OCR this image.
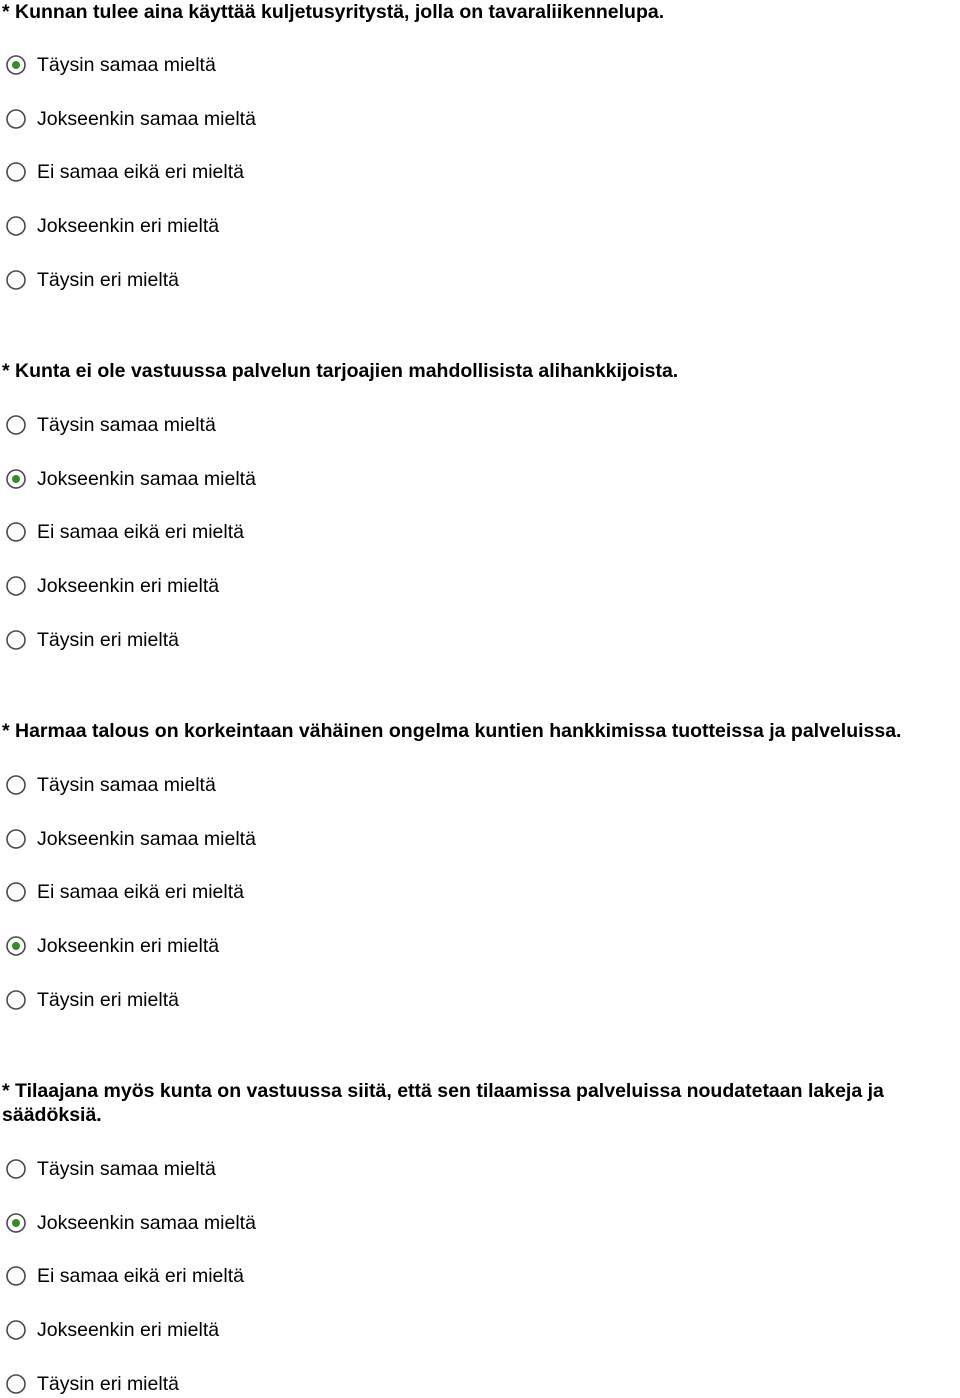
* Kunnan tulee aina käyttää kuljetusyritystä, jolla on tavaraliikennelupa.
Täysin samaa mieltä
Jokseenkin samaa mieltä
Ei samaa eikä eri mieltä
Jokseenkin eri mieltä
Täysin eri mieltä
* Kunta ei ole vastuussa palvelun tarjoajien mahdollisista alihankkijoista.
Täysin samaa mieltä
Jokseenkin samaa mieltä
Ei samaa eikä eri mieltä
Jokseenkin eri mieltä
Täysin eri mieltä
* Harmaa talous on korkeintaan vähäinen ongelma kuntien hankkimissa tuotteissa ja palveluissa.
Täysin samaa mieltä
Jokseenkin samaa mieltä
Ei samaa eikä eri mieltä
Jokseenkin eri mieltä
Täysin eri mieltä
* Tilaajana myös kunta on vastuussa siitä, että sen tilaamissa palveluissa noudatetaan lakeja ja säädöksiä.
Täysin samaa mieltä
Jokseenkin samaa mieltä
Ei samaa eikä eri mieltä
Jokseenkin eri mieltä
Täysin eri mieltä
